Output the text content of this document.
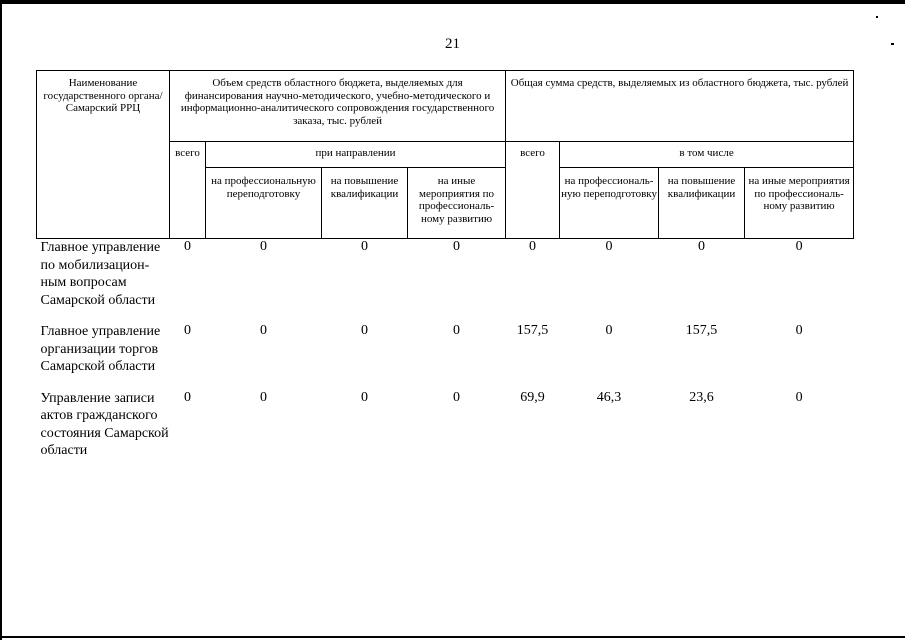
21
Наименование государственного органа/Самарский РРЦ	Объем средств областного бюджета, выделяемых для финансирования научно-методического, учебно-методического и информационно-аналитического сопровождения государственного заказа, тыс. рублей				Общая сумма средств, выделяемых из областного бюджета, тыс. рублей			
	всего	при направлении			всего	в том числе		
		на профессиональную переподготовку	на повышение квалификации	на иные мероприятия по профессиональ-ному развитию		на профессиональ-ную переподготовку	на повышение квалификации	на иные мероприятия по профессиональ-ному развитию
Главное управление по мобилизацион-ным вопросам Самарской области	0	0	0	0	0	0	0	0

Главное управление организации торгов Самарской области	0	0	0	0	157,5	0	157,5	0

Управление записи актов гражданского состояния Самарской области	0	0	0	0	69,9	46,3	23,6	0
